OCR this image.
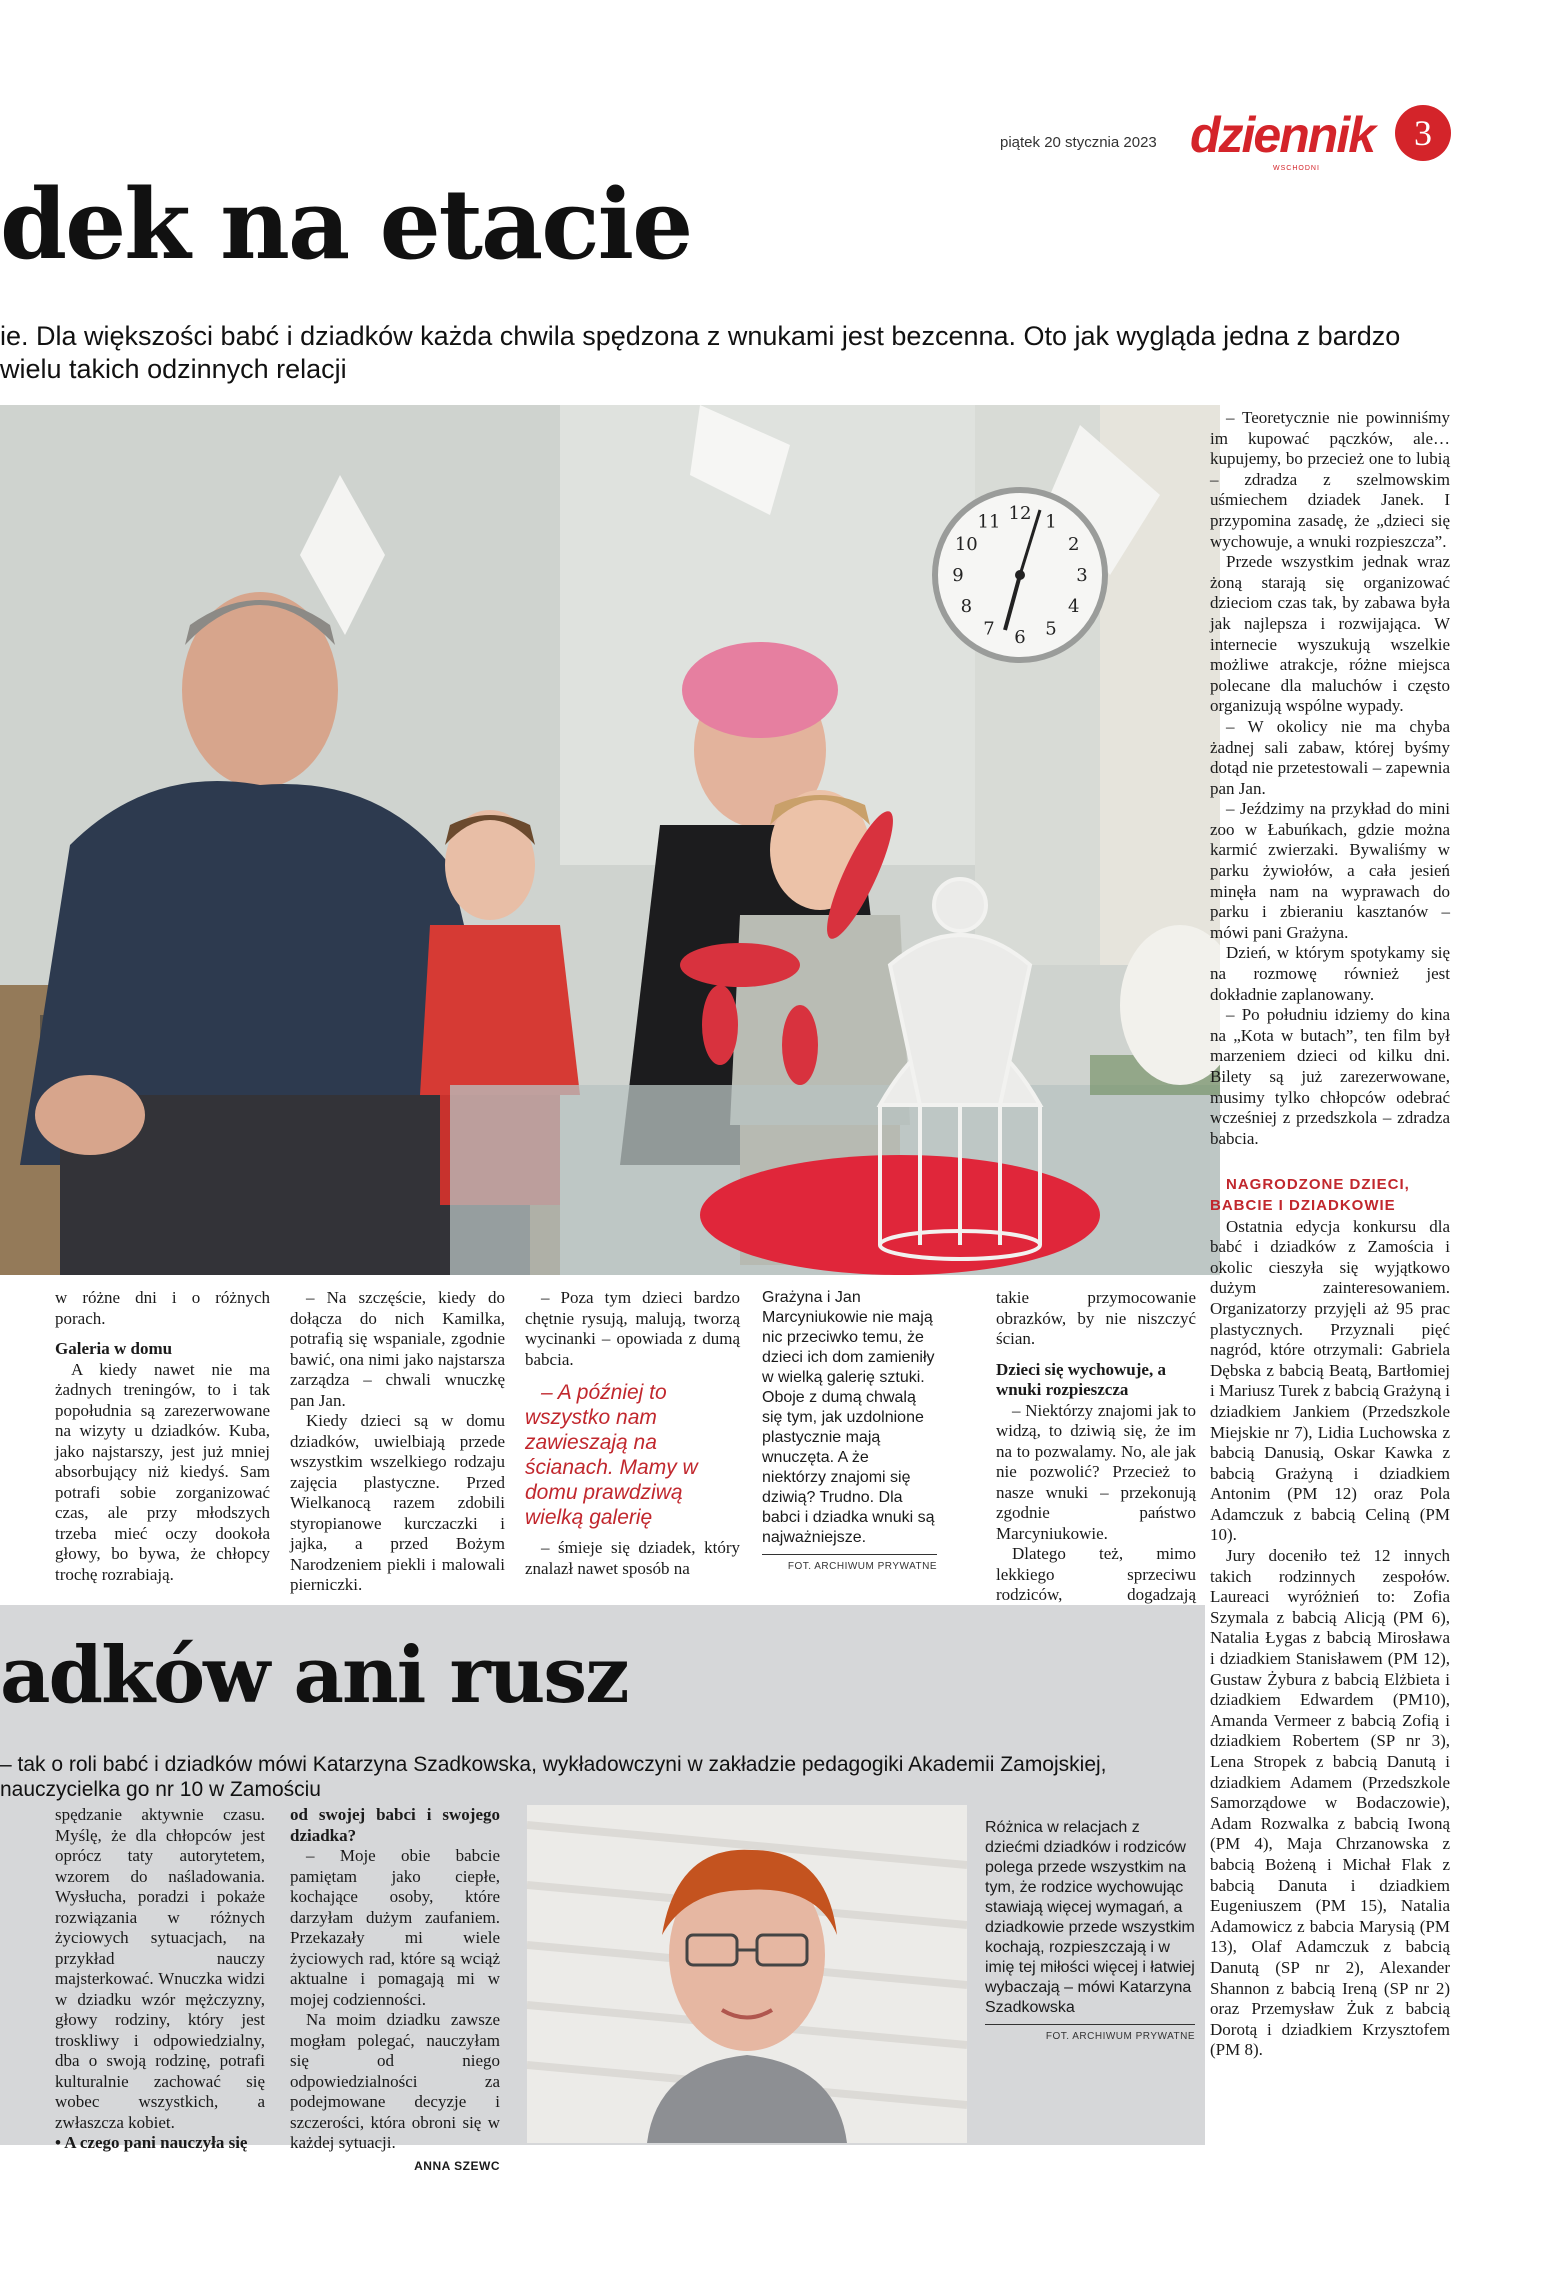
piątek 20 stycznia 2023 dziennik
WSCHODNI
3
dek na etacie

ie. Dla większości babć i dziadków każda chwila spędzona z wnukami jest bezcenna. Oto jak wygląda jedna z bardzo wielu takich odzinnych relacji

12 1
2
3
4
5
6
7
8
9
10
11

w różne dni i o różnych porach.

Galeria w domu

A kiedy nawet nie ma żadnych treningów, to i tak popołudnia są zarezerwowane na wizyty u dziadków. Kuba, jako najstarszy, jest już mniej absorbujący niż kiedyś. Sam potrafi sobie zorganizować czas, ale przy młodszych trzeba mieć oczy dookoła głowy, bo bywa, że chłopcy trochę rozrabiają.

– Na szczęście, kiedy do dołącza do nich Kamilka, potrafią się wspaniale, zgodnie bawić, ona nimi jako najstarsza zarządza – chwali wnuczkę pan Jan.

Kiedy dzieci są w domu dziadków, uwielbiają przede wszystkim wszelkiego rodzaju zajęcia plastyczne. Przed Wielkanocą razem zdobili styropianowe kurczaczki i jajka, a przed Bożym Narodzeniem piekli i malowali pierniczki.

– Poza tym dzieci bardzo chętnie rysują, malują, tworzą wycinanki – opowiada z dumą babcia.

– A później to wszystko nam zawieszają na ścianach. Mamy w domu prawdziwą wielką galerię

– śmieje się dziadek, który znalazł nawet sposób na

Grażyna i Jan Marcyniukowie nie mają nic przeciwko temu, że dzieci ich dom zamieniły w wielką galerię sztuki. Oboje z dumą chwalą się tym, jak uzdolnione plastycznie mają wnuczęta. A że niektórzy znajomi się dziwią? Trudno. Dla babci i dziadka wnuki są najważniejsze.

FOT. ARCHIWUM PRYWATNE

takie przymocowanie obrazków, by nie niszczyć ścian.

Dzieci się wychowuje, a wnuki rozpieszcza

– Niektórzy znajomi jak to widzą, to dziwią się, że im na to pozwalamy. No, ale jak nie pozwolić? Przecież to nasze wnuki – przekonują zgodnie państwo Marcyniukowie.

Dlatego też, mimo lekkiego sprzeciwu rodziców, dogadzają

– Teoretycznie nie powinniśmy im kupować pączków, ale… kupujemy, bo przecież one to lubią – zdradza z szelmowskim uśmiechem dziadek Janek. I przypomina zasadę, że „dzieci się wychowuje, a wnuki rozpieszcza”.

Przede wszystkim jednak wraz żoną starają się organizować dzieciom czas tak, by zabawa była jak najlepsza i rozwijająca. W internecie wyszukują wszelkie możliwe atrakcje, różne miejsca polecane dla maluchów i często organizują wspólne wypady.

– W okolicy nie ma chyba żadnej sali zabaw, której byśmy dotąd nie przetestowali – zapewnia pan Jan.

– Jeździmy na przykład do mini zoo w Łabuńkach, gdzie można karmić zwierzaki. Bywaliśmy w parku żywiołów, a cała jesień minęła nam na wyprawach do parku i zbieraniu kasztanów – mówi pani Grażyna.

Dzień, w którym spotykamy się na rozmowę również jest dokładnie zaplanowany.

– Po południu idziemy do kina na „Kota w butach”, ten film był marzeniem dzieci od kilku dni. Bilety są już zarezerwowane, musimy tylko chłopców odebrać wcześniej z przedszkola – zdradza babcia.

NAGRODZONE DZIECI, BABCIE I DZIADKOWIE

Ostatnia edycja konkursu dla babć i dziadków z Zamościa i okolic cieszyła się wyjątkowo dużym zainteresowaniem. Organizatorzy przyjęli aż 95 prac plastycznych. Przyznali pięć nagród, które otrzymali: Gabriela Dębska z babcią Beatą, Bartłomiej i Mariusz Turek z babcią Grażyną i dziadkiem Jankiem (Przedszkole Miejskie nr 7), Lidia Luchowska z babcią Danusią, Oskar Kawka z babcią Grażyną i dziadkiem Antonim (PM 12) oraz Pola Adamczuk z babcią Celiną (PM 10).

Jury doceniło też 12 innych takich rodzinnych zespołów. Laureaci wyróżnień to: Zofia Szymala z babcią Alicją (PM 6), Natalia Łygas z babcią Mirosława i dziadkiem Stanisławem (PM 12), Gustaw Żybura z babcią Elżbieta i dziadkiem Edwardem (PM10), Amanda Vermeer z babcią Zofią i dziadkiem Robertem (SP nr 3), Lena Stropek z babcią Danutą i dziadkiem Adamem (Przedszkole Samorządowe w Bodaczowie), Adam Rozwalka z babcią Iwoną (PM 4), Maja Chrzanowska z babcią Bożeną i Michał Flak z babcią Danuta i dziadkiem Eugeniuszem (PM 15), Natalia Adamowicz z babcia Marysią (PM 13), Olaf Adamczuk z babcią Danutą (SP nr 2), Alexander Shannon z babcią Ireną (SP nr 2) oraz Przemysław Żuk z babcią Dorotą i dziadkiem Krzysztofem (PM 8).

adków ani rusz

– tak o roli babć i dziadków mówi Katarzyna Szadkowska, wykładowczyni w zakładzie pedagogiki Akademii Zamojskiej, nauczycielka go nr 10 w Zamościu

spędzanie aktywnie czasu. Myślę, że dla chłopców jest oprócz taty autorytetem, wzorem do naśladowania. Wysłucha, poradzi i pokaże rozwiązania w różnych życiowych sytuacjach, na przykład nauczy majsterkować. Wnuczka widzi w dziadku wzór mężczyzny, głowy rodziny, który jest troskliwy i odpowiedzialny, dba o swoją rodzinę, potrafi kulturalnie zachować się wobec wszystkich, a zwłaszcza kobiet.

• A czego pani nauczyła się

od swojej babci i swojego dziadka?

– Moje obie babcie pamiętam jako ciepłe, kochające osoby, które darzyłam dużym zaufaniem. Przekazały mi wiele życiowych rad, które są wciąż aktualne i pomagają mi w mojej codzienności.

Na moim dziadku zawsze mogłam polegać, nauczyłam się od niego odpowiedzialności za podejmowane decyzje i szczerości, która obroni się w każdej sytuacji.

ANNA SZEWC

Różnica w relacjach z dziećmi dziadków i rodziców polega przede wszystkim na tym, że rodzice wychowując stawiają więcej wymagań, a dziadkowie przede wszystkim kochają, rozpieszczają i w imię tej miłości więcej i łatwiej wybaczają – mówi Katarzyna Szadkowska

FOT. ARCHIWUM PRYWATNE
